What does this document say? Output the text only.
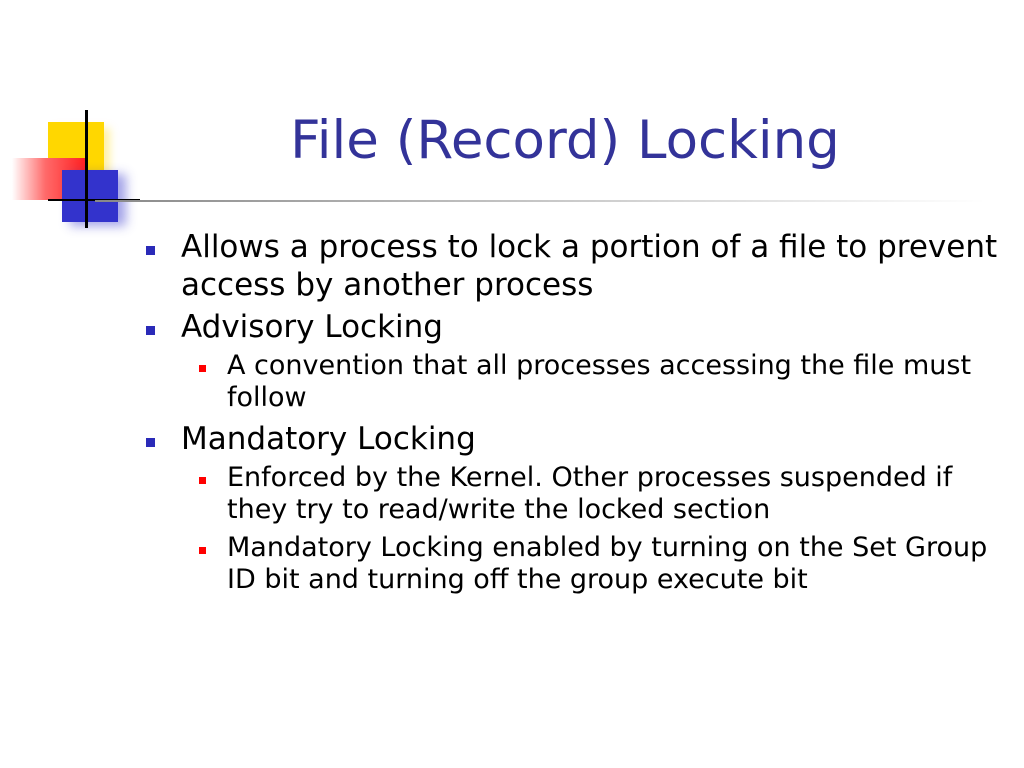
File (Record) Locking
Allows a process to lock a portion of a file to prevent access by another process
Advisory Locking
A convention that all processes accessing the file must follow
Mandatory Locking
Enforced by the Kernel. Other processes suspended if they try to read/write the locked section
Mandatory Locking enabled by turning on the Set Group ID bit and turning off the group execute bit
